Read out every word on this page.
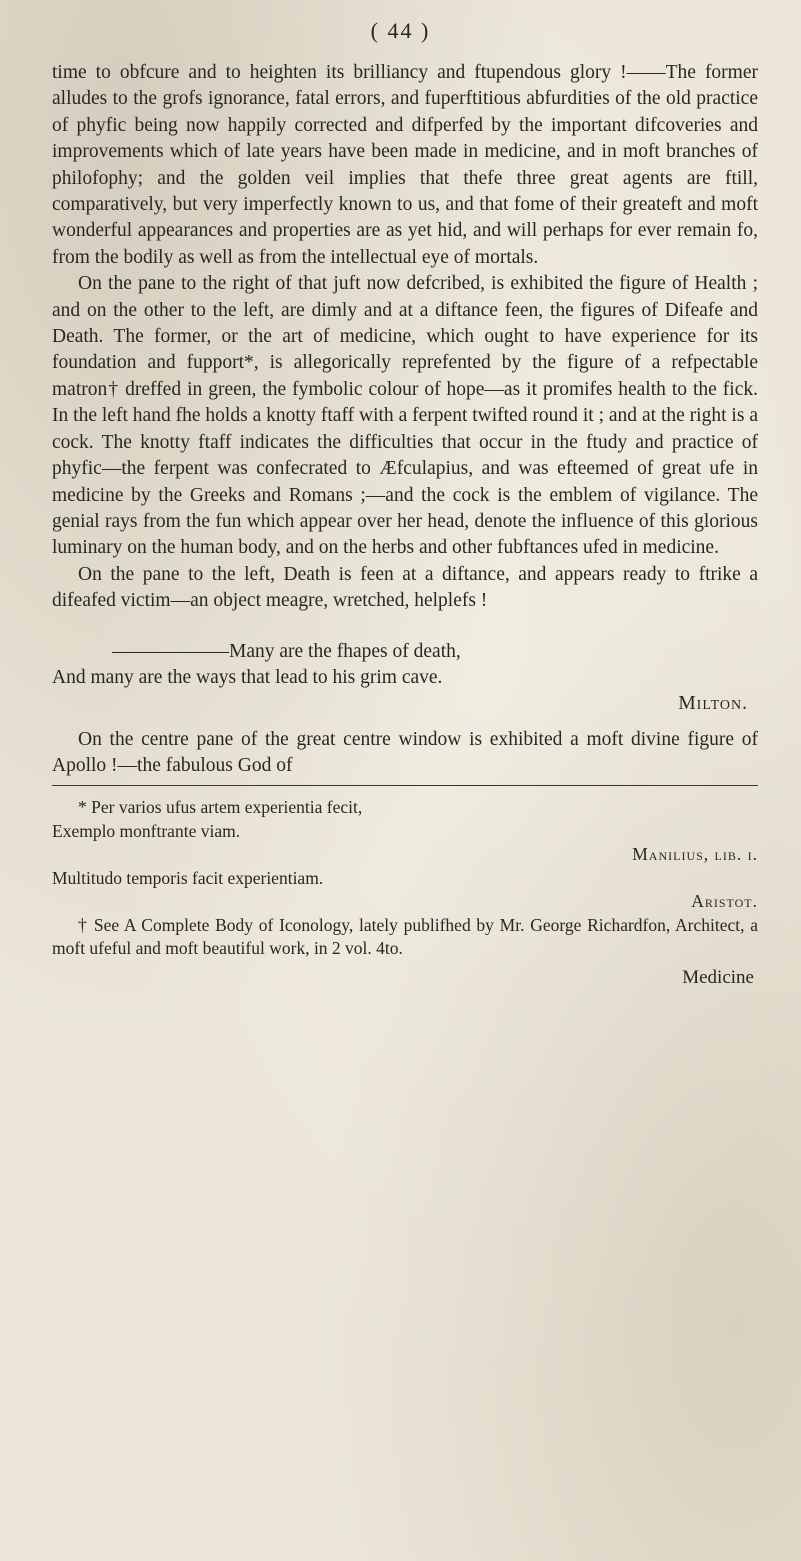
( 44 )

time to obfcure and to heighten its brilliancy and ftupendous glory !——The former alludes to the grofs ignorance, fatal errors, and fuperftitious abfurdities of the old practice of phyfic being now happily corrected and difperfed by the important difcoveries and improvements which of late years have been made in medicine, and in moft branches of philofophy; and the golden veil implies that thefe three great agents are ftill, comparatively, but very imperfectly known to us, and that fome of their greateft and moft wonderful appearances and properties are as yet hid, and will perhaps for ever remain fo, from the bodily as well as from the intellectual eye of mortals.

On the pane to the right of that juft now defcribed, is exhibited the figure of Health ; and on the other to the left, are dimly and at a diftance feen, the figures of Difeafe and Death. The former, or the art of medicine, which ought to have experience for its foundation and fupport*, is allegorically reprefented by the figure of a refpectable matron† dreffed in green, the fymbolic colour of hope—as it promifes health to the fick. In the left hand fhe holds a knotty ftaff with a ferpent twifted round it ; and at the right is a cock. The knotty ftaff indicates the difficulties that occur in the ftudy and practice of phyfic—the ferpent was confecrated to Æfculapius, and was efteemed of great ufe in medicine by the Greeks and Romans ;—and the cock is the emblem of vigilance. The genial rays from the fun which appear over her head, denote the influence of this glorious luminary on the human body, and on the herbs and other fubftances ufed in medicine.

On the pane to the left, Death is feen at a diftance, and appears ready to ftrike a difeafed victim—an object meagre, wretched, helplefs !

——————Many are the fhapes of death,
And many are the ways that lead to his grim cave.
Milton.

On the centre pane of the great centre window is exhibited a moft divine figure of Apollo !—the fabulous God of

* Per varios ufus artem experientia fecit,
Exemplo monftrante viam.
Manilius, lib. i.
Multitudo temporis facit experientiam.
Aristot.
† See A Complete Body of Iconology, lately publifhed by Mr. George Richardfon, Architect, a moft ufeful and moft beautiful work, in 2 vol. 4to.
Medicine
